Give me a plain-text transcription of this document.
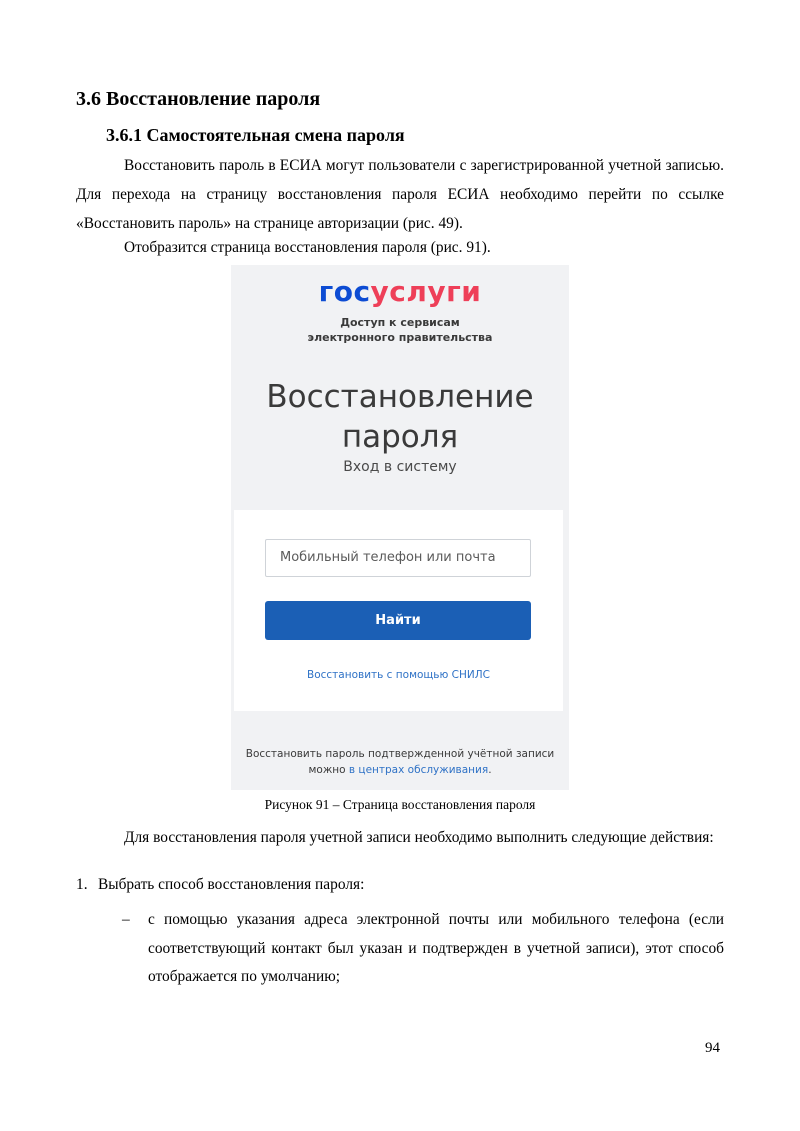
3.6 Восстановление пароля
3.6.1 Самостоятельная смена пароля
Восстановить пароль в ЕСИА могут пользователи с зарегистрированной учетной записью. Для перехода на страницу восстановления пароля ЕСИА необходимо перейти по ссылке «Восстановить пароль» на странице авторизации (рис. 49).
Отобразится страница восстановления пароля (рис. 91).
госуслуги
Доступ к сервисам
электронного правительства
Восстановление
пароля
Вход в систему
Мобильный телефон или почта
Найти
Восстановить с помощью СНИЛС
Восстановить пароль подтвержденной учётной записи
можно в центрах обслуживания.
Рисунок 91 – Страница восстановления пароля
Для восстановления пароля учетной записи необходимо выполнить следующие действия:
1. Выбрать способ восстановления пароля:
–	с помощью указания адреса электронной почты или мобильного телефона (если соответствующий контакт был указан и подтвержден в учетной записи), этот способ отображается по умолчанию;
94
